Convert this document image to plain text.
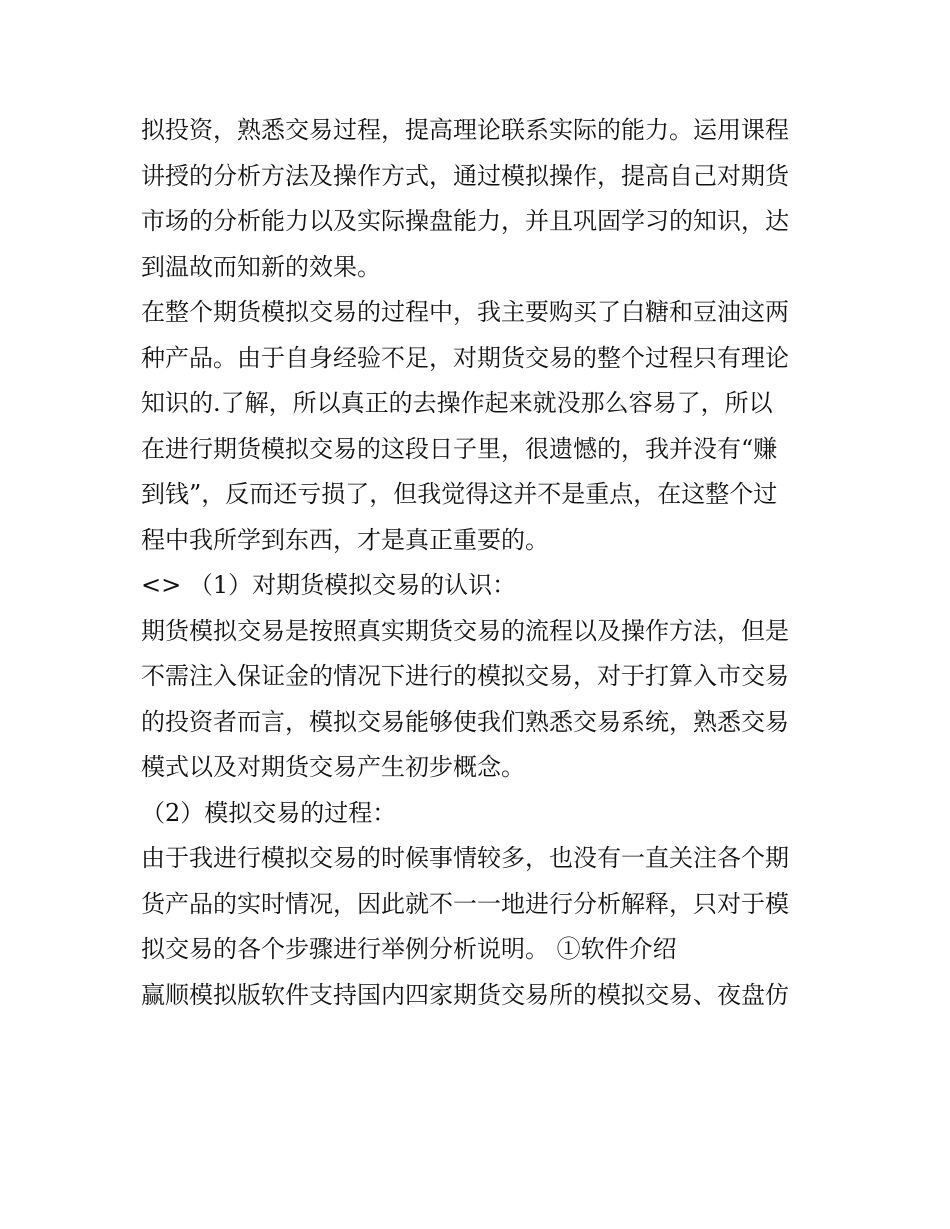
拟投资，熟悉交易过程，提高理论联系实际的能力。运用课程
讲授的分析方法及操作方式，通过模拟操作，提高自己对期货
市场的分析能力以及实际操盘能力，并且巩固学习的知识，达
到温故而知新的效果。
在整个期货模拟交易的过程中，我主要购买了白糖和豆油这两
种产品。由于自身经验不足，对期货交易的整个过程只有理论
知识的.了解，所以真正的去操作起来就没那么容易了，所以
在进行期货模拟交易的这段日子里，很遗憾的，我并没有“赚
到钱”，反而还亏损了，但我觉得这并不是重点，在这整个过
程中我所学到东西，才是真正重要的。
<> （1）对期货模拟交易的认识：
期货模拟交易是按照真实期货交易的流程以及操作方法，但是
不需注入保证金的情况下进行的模拟交易，对于打算入市交易
的投资者而言，模拟交易能够使我们熟悉交易系统，熟悉交易
模式以及对期货交易产生初步概念。
（2）模拟交易的过程：
由于我进行模拟交易的时候事情较多，也没有一直关注各个期
货产品的实时情况，因此就不一一地进行分析解释，只对于模
拟交易的各个步骤进行举例分析说明。 ①软件介绍
赢顺模拟版软件支持国内四家期货交易所的模拟交易、夜盘仿
